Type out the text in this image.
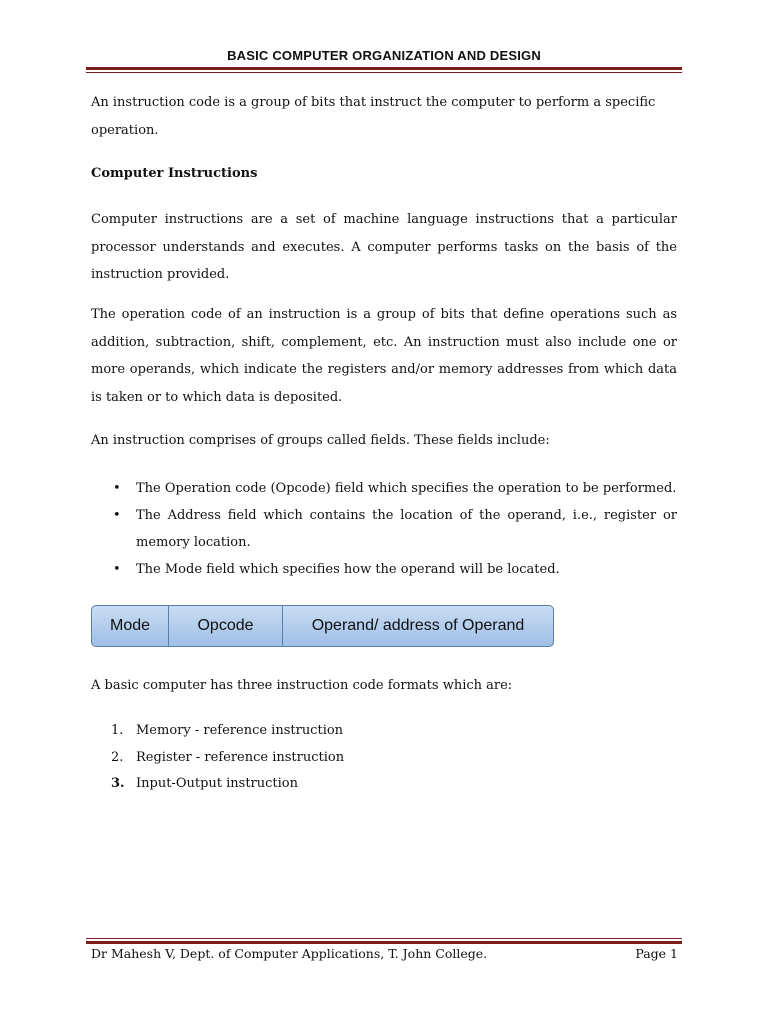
BASIC COMPUTER ORGANIZATION AND DESIGN
An instruction code is a group of bits that instruct the computer to perform a specific operation.
Computer Instructions
Computer instructions are a set of machine language instructions that a particular processor understands and executes. A computer performs tasks on the basis of the instruction provided.
The operation code of an instruction is a group of bits that define operations such as addition, subtraction, shift, complement, etc. An instruction must also include one or more operands, which indicate the registers and/or memory addresses from which data is taken or to which data is deposited.
An instruction comprises of groups called fields. These fields include:
• The Operation code (Opcode) field which specifies the operation to be performed.
• The Address field which contains the location of the operand, i.e., register or memory location.
• The Mode field which specifies how the operand will be located.
Mode	Opcode	Operand/ address of Operand
A basic computer has three instruction code formats which are:
1. Memory - reference instruction
2. Register - reference instruction
3. Input-Output instruction
Dr Mahesh V, Dept. of Computer Applications, T. John College.	Page 1
